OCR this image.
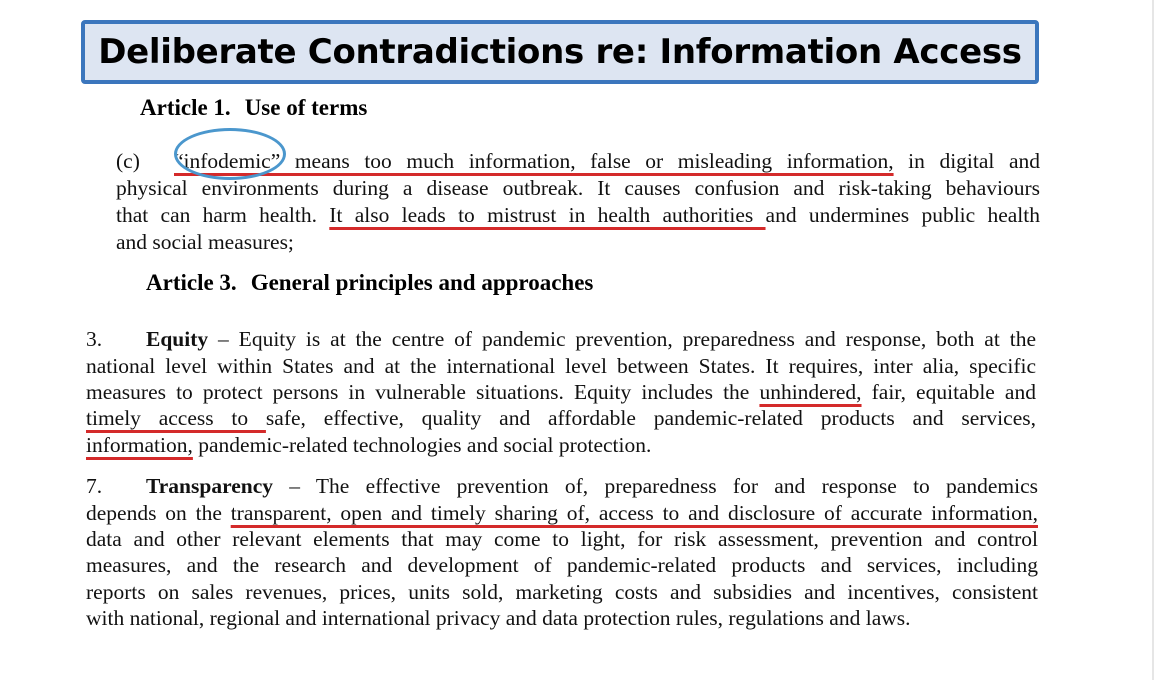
Deliberate Contradictions re: Information Access
Article 1. Use of terms
(c) “infodemic” means too much information, false or misleading information, in digital and
physical environments during a disease outbreak. It causes confusion and risk-taking behaviours
that can harm health. It also leads to mistrust in health authorities and undermines public health
and social measures;
Article 3. General principles and approaches
3. Equity – Equity is at the centre of pandemic prevention, preparedness and response, both at the
national level within States and at the international level between States. It requires, inter alia, specific
measures to protect persons in vulnerable situations. Equity includes the unhindered, fair, equitable and
timely access to safe, effective, quality and affordable pandemic-related products and services,
information, pandemic-related technologies and social protection.
7. Transparency – The effective prevention of, preparedness for and response to pandemics
depends on the transparent, open and timely sharing of, access to and disclosure of accurate information,
data and other relevant elements that may come to light, for risk assessment, prevention and control
measures, and the research and development of pandemic-related products and services, including
reports on sales revenues, prices, units sold, marketing costs and subsidies and incentives, consistent
with national, regional and international privacy and data protection rules, regulations and laws.
